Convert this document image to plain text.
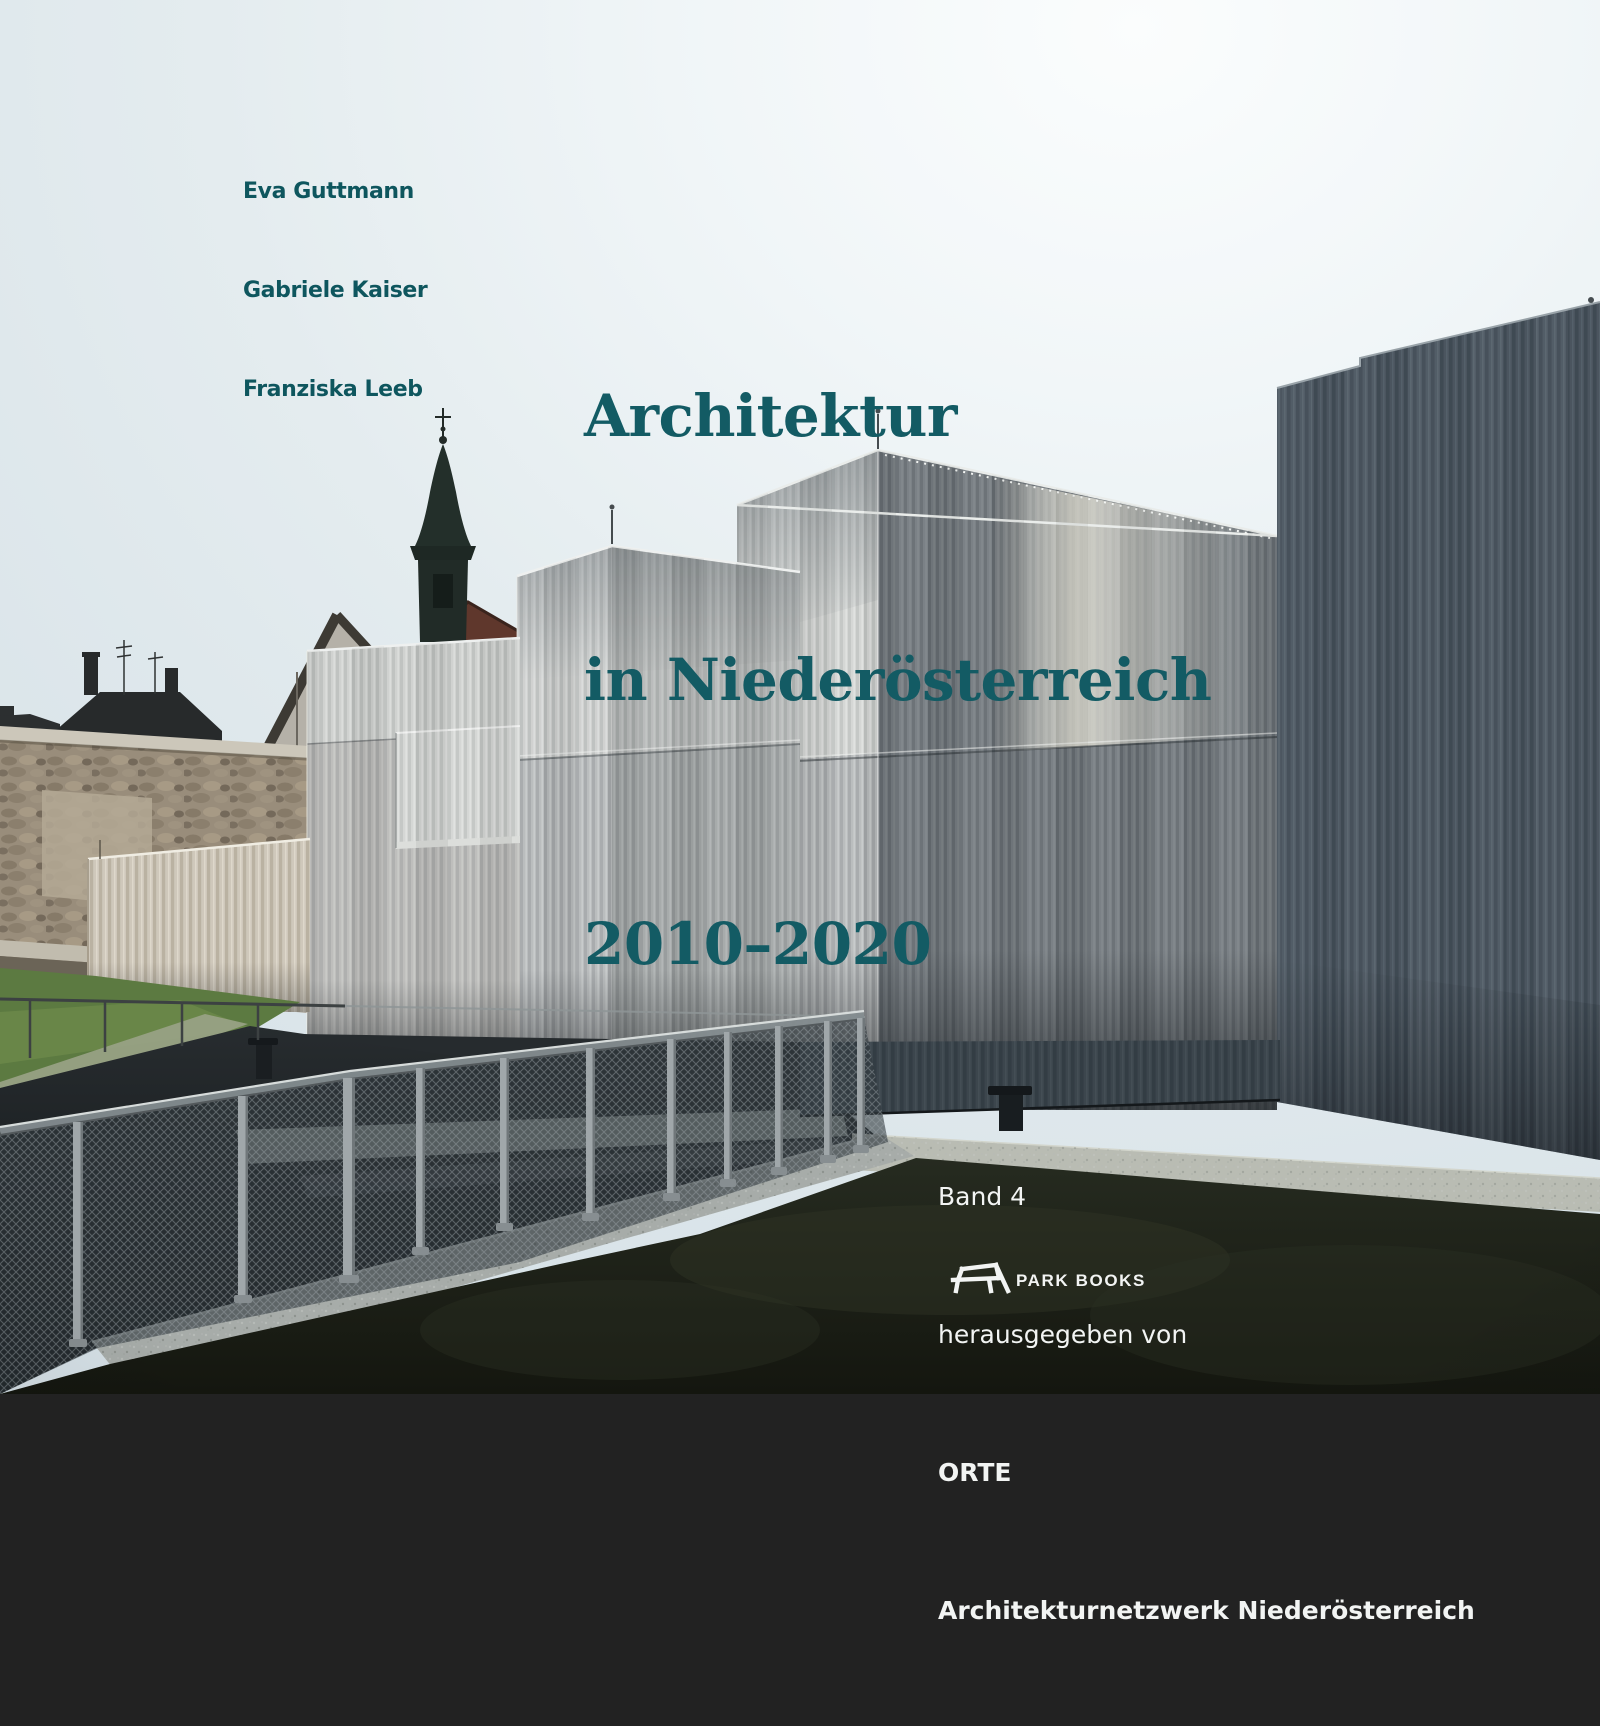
Eva Guttmann

Gabriele Kaiser

Franziska Leeb

	Architektur

in Niederösterreich

2010–2020

Band 4

herausgegeben von

ORTE

Architekturnetzwerk Niederösterreich

PARK BOOKS
